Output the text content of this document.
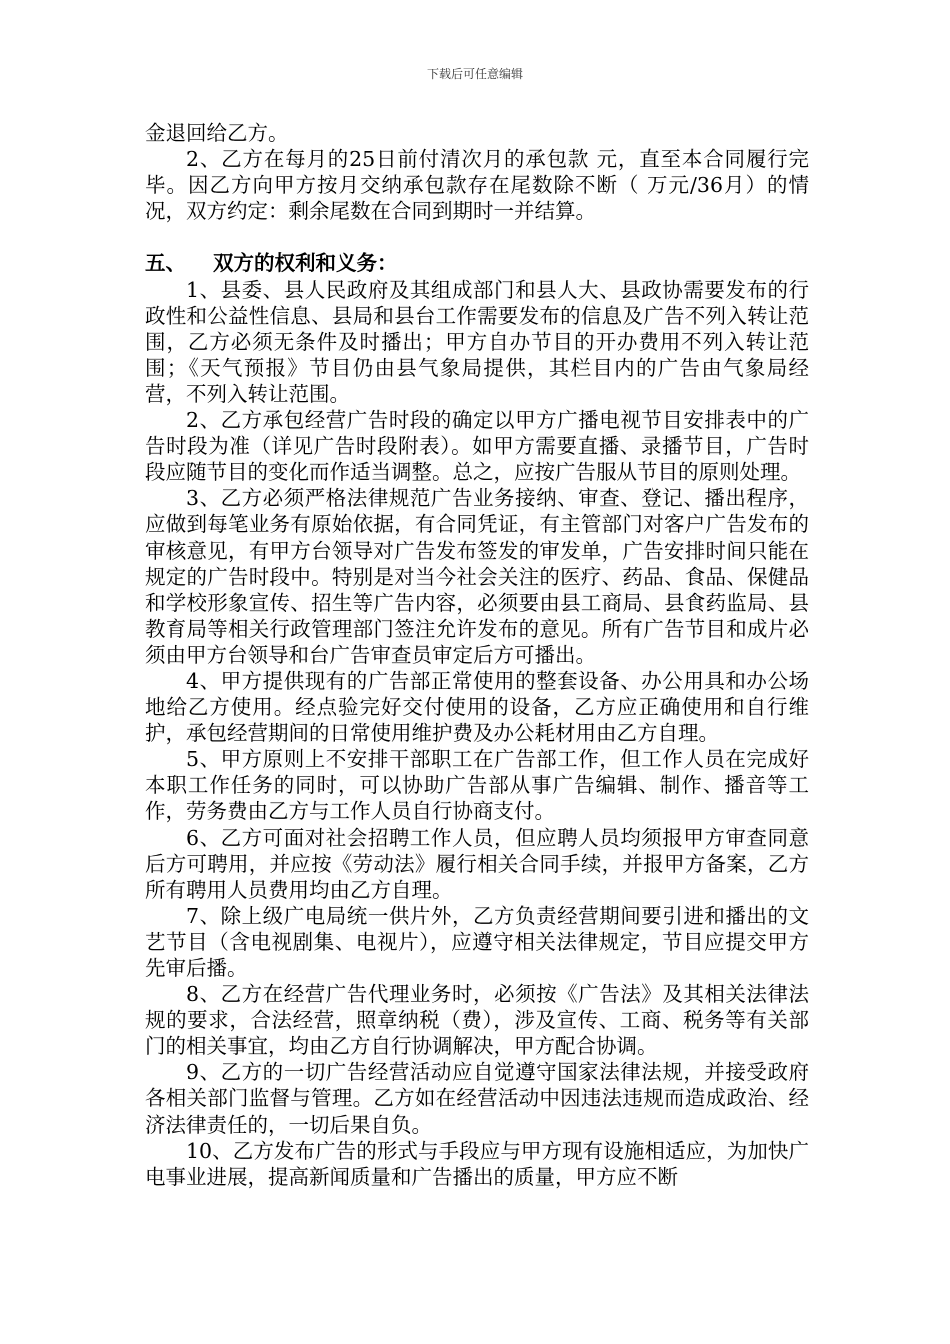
下载后可任意编辑

金退回给乙方。

2、乙方在每月的25日前付清次月的承包款 元，直至本合同履行完毕。因乙方向甲方按月交纳承包款存在尾数除不断（ 万元/36月）的情况，双方约定：剩余尾数在合同到期时一并结算。

五、 双方的权利和义务：

1、县委、县人民政府及其组成部门和县人大、县政协需要发布的行政性和公益性信息、县局和县台工作需要发布的信息及广告不列入转让范围，乙方必须无条件及时播出；甲方自办节目的开办费用不列入转让范围；《天气预报》节目仍由县气象局提供，其栏目内的广告由气象局经营，不列入转让范围。

2、乙方承包经营广告时段的确定以甲方广播电视节目安排表中的广告时段为准（详见广告时段附表）。如甲方需要直播、录播节目，广告时段应随节目的变化而作适当调整。总之，应按广告服从节目的原则处理。

3、乙方必须严格法律规范广告业务接纳、审查、登记、播出程序，应做到每笔业务有原始依据，有合同凭证，有主管部门对客户广告发布的审核意见，有甲方台领导对广告发布签发的审发单，广告安排时间只能在规定的广告时段中。特别是对当今社会关注的医疗、药品、食品、保健品和学校形象宣传、招生等广告内容，必须要由县工商局、县食药监局、县教育局等相关行政管理部门签注允许发布的意见。所有广告节目和成片必须由甲方台领导和台广告审查员审定后方可播出。

4、甲方提供现有的广告部正常使用的整套设备、办公用具和办公场地给乙方使用。经点验完好交付使用的设备，乙方应正确使用和自行维护，承包经营期间的日常使用维护费及办公耗材用由乙方自理。

5、甲方原则上不安排干部职工在广告部工作，但工作人员在完成好本职工作任务的同时，可以协助广告部从事广告编辑、制作、播音等工作，劳务费由乙方与工作人员自行协商支付。

6、乙方可面对社会招聘工作人员，但应聘人员均须报甲方审查同意后方可聘用，并应按《劳动法》履行相关合同手续，并报甲方备案，乙方所有聘用人员费用均由乙方自理。

7、除上级广电局统一供片外，乙方负责经营期间要引进和播出的文艺节目（含电视剧集、电视片），应遵守相关法律规定，节目应提交甲方先审后播。

8、乙方在经营广告代理业务时，必须按《广告法》及其相关法律法规的要求，合法经营，照章纳税（费），涉及宣传、工商、税务等有关部门的相关事宜，均由乙方自行协调解决，甲方配合协调。

9、乙方的一切广告经营活动应自觉遵守国家法律法规，并接受政府各相关部门监督与管理。乙方如在经营活动中因违法违规而造成政治、经济法律责任的，一切后果自负。

10、乙方发布广告的形式与手段应与甲方现有设施相适应，为加快广电事业进展，提高新闻质量和广告播出的质量，甲方应不断
